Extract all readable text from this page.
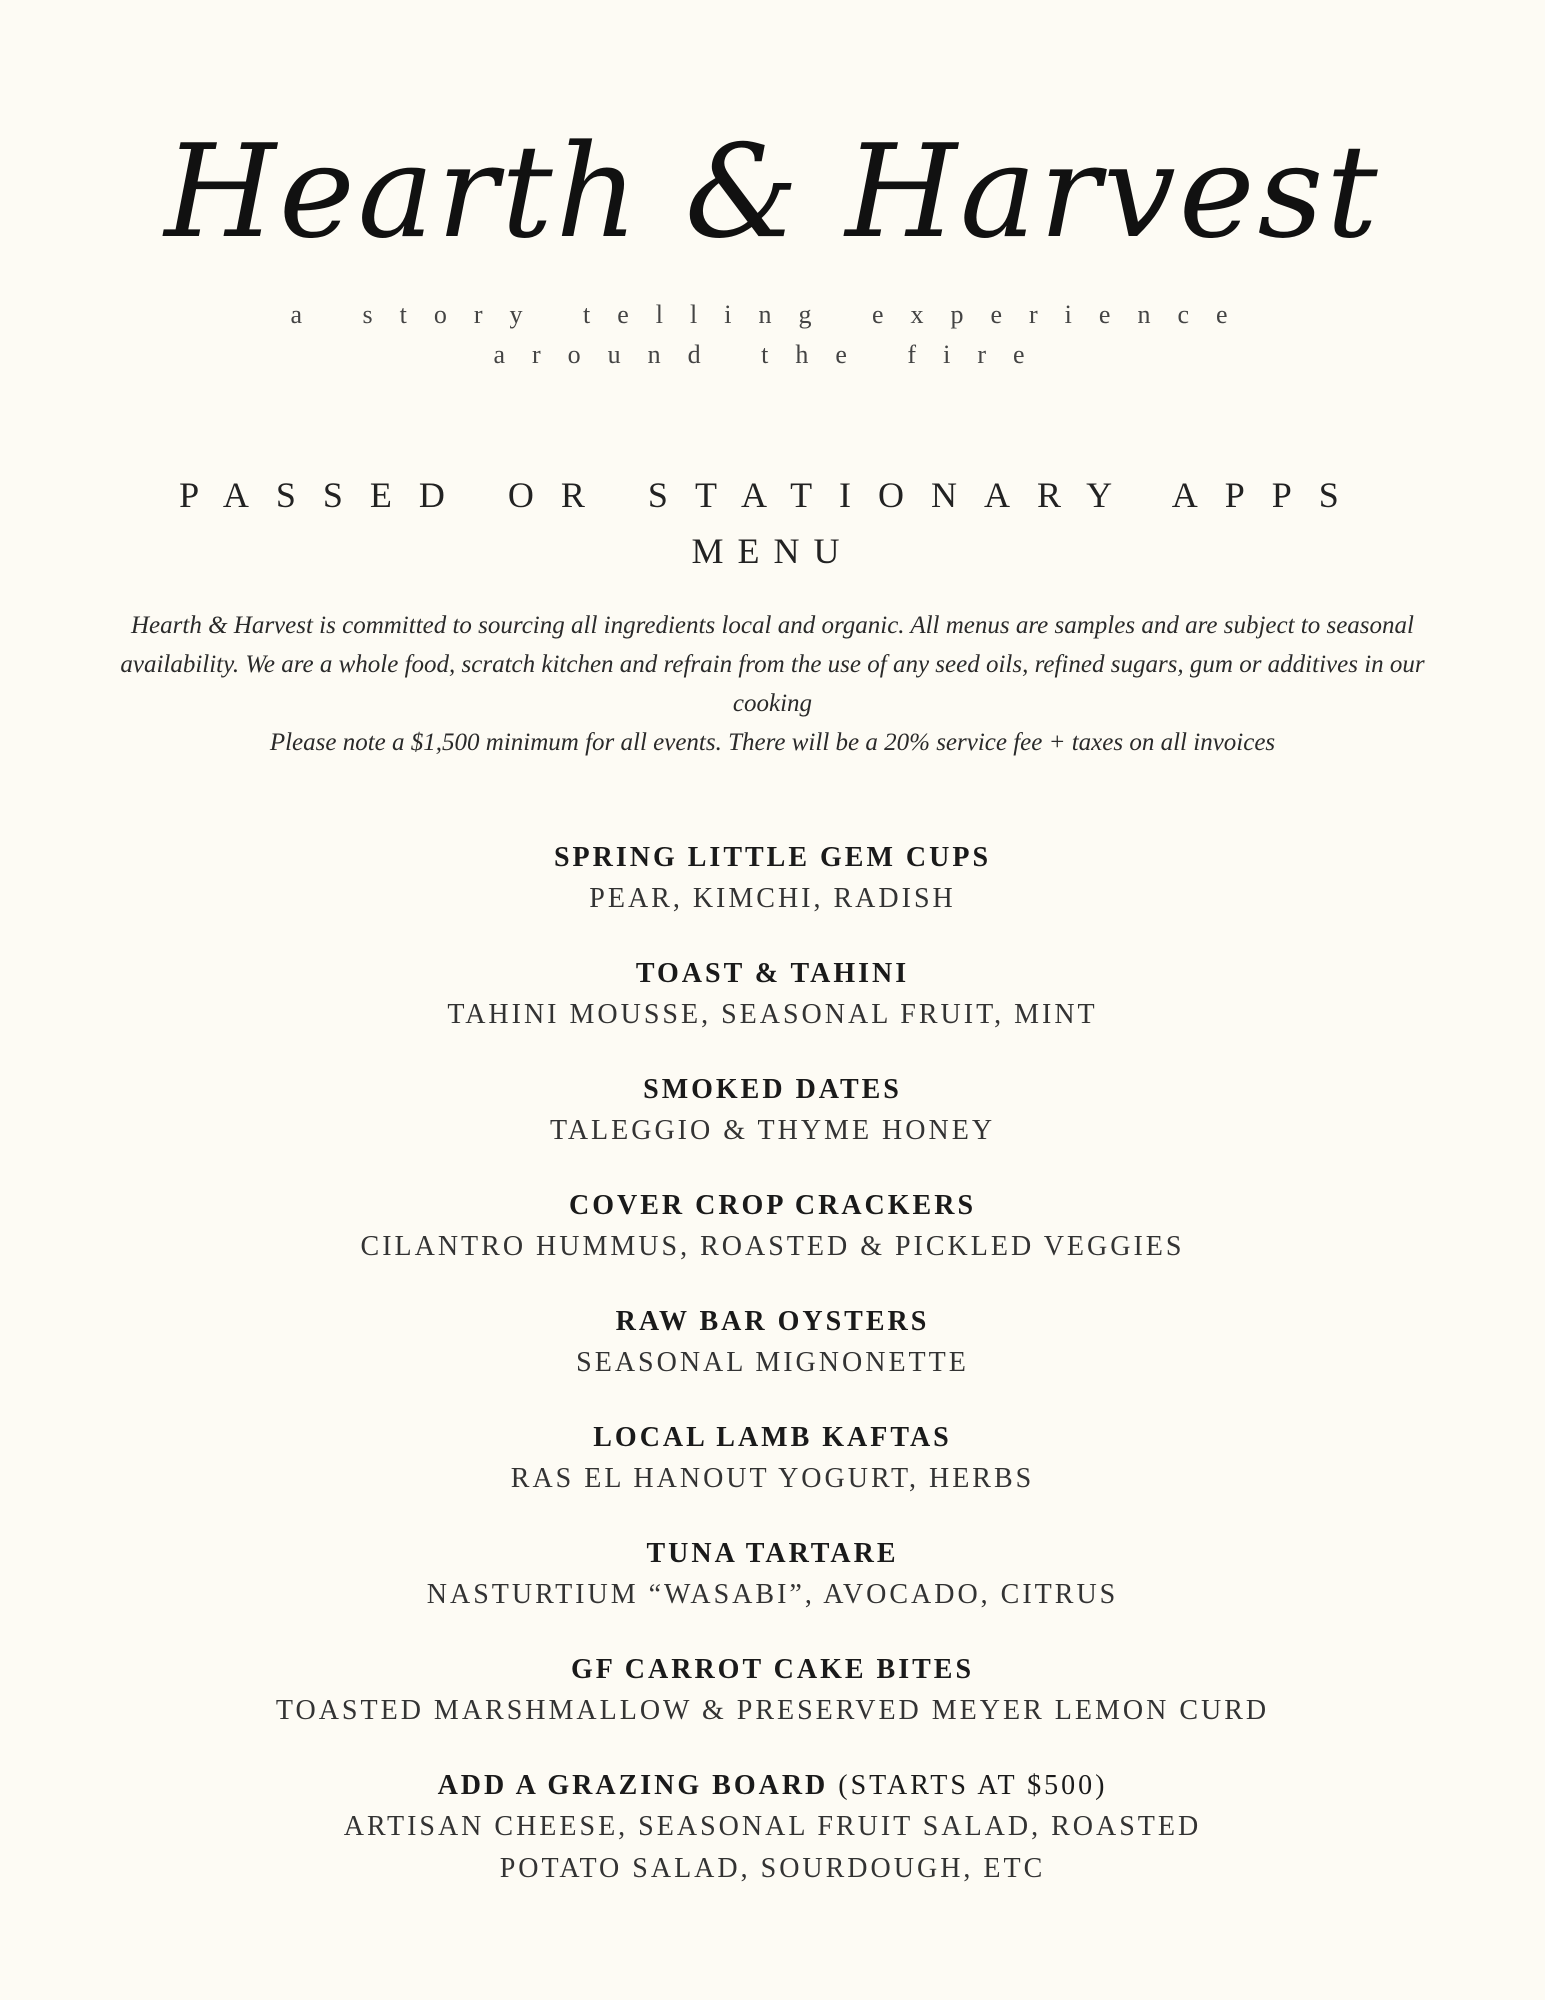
Hearth & Harvest
a story telling experience
around the fire
PASSED OR STATIONARY APPS
MENU

Hearth & Harvest is committed to sourcing all ingredients local and organic. All menus are samples and are subject to seasonal availability. We are a whole food, scratch kitchen and refrain from the use of any seed oils, refined sugars, gum or additives in our cooking

Please note a $1,500 minimum for all events. There will be a 20% service fee + taxes on all invoices

SPRING LITTLE GEM CUPS
PEAR, KIMCHI, RADISH
TOAST & TAHINI
TAHINI MOUSSE, SEASONAL FRUIT, MINT
SMOKED DATES
TALEGGIO & THYME HONEY
COVER CROP CRACKERS
CILANTRO HUMMUS, ROASTED & PICKLED VEGGIES
RAW BAR OYSTERS
SEASONAL MIGNONETTE
LOCAL LAMB KAFTAS
RAS EL HANOUT YOGURT, HERBS
TUNA TARTARE
NASTURTIUM “WASABI”, AVOCADO, CITRUS
GF CARROT CAKE BITES
TOASTED MARSHMALLOW & PRESERVED MEYER LEMON CURD
ADD A GRAZING BOARD (STARTS AT $500)
ARTISAN CHEESE, SEASONAL FRUIT SALAD, ROASTED
POTATO SALAD, SOURDOUGH, ETC
